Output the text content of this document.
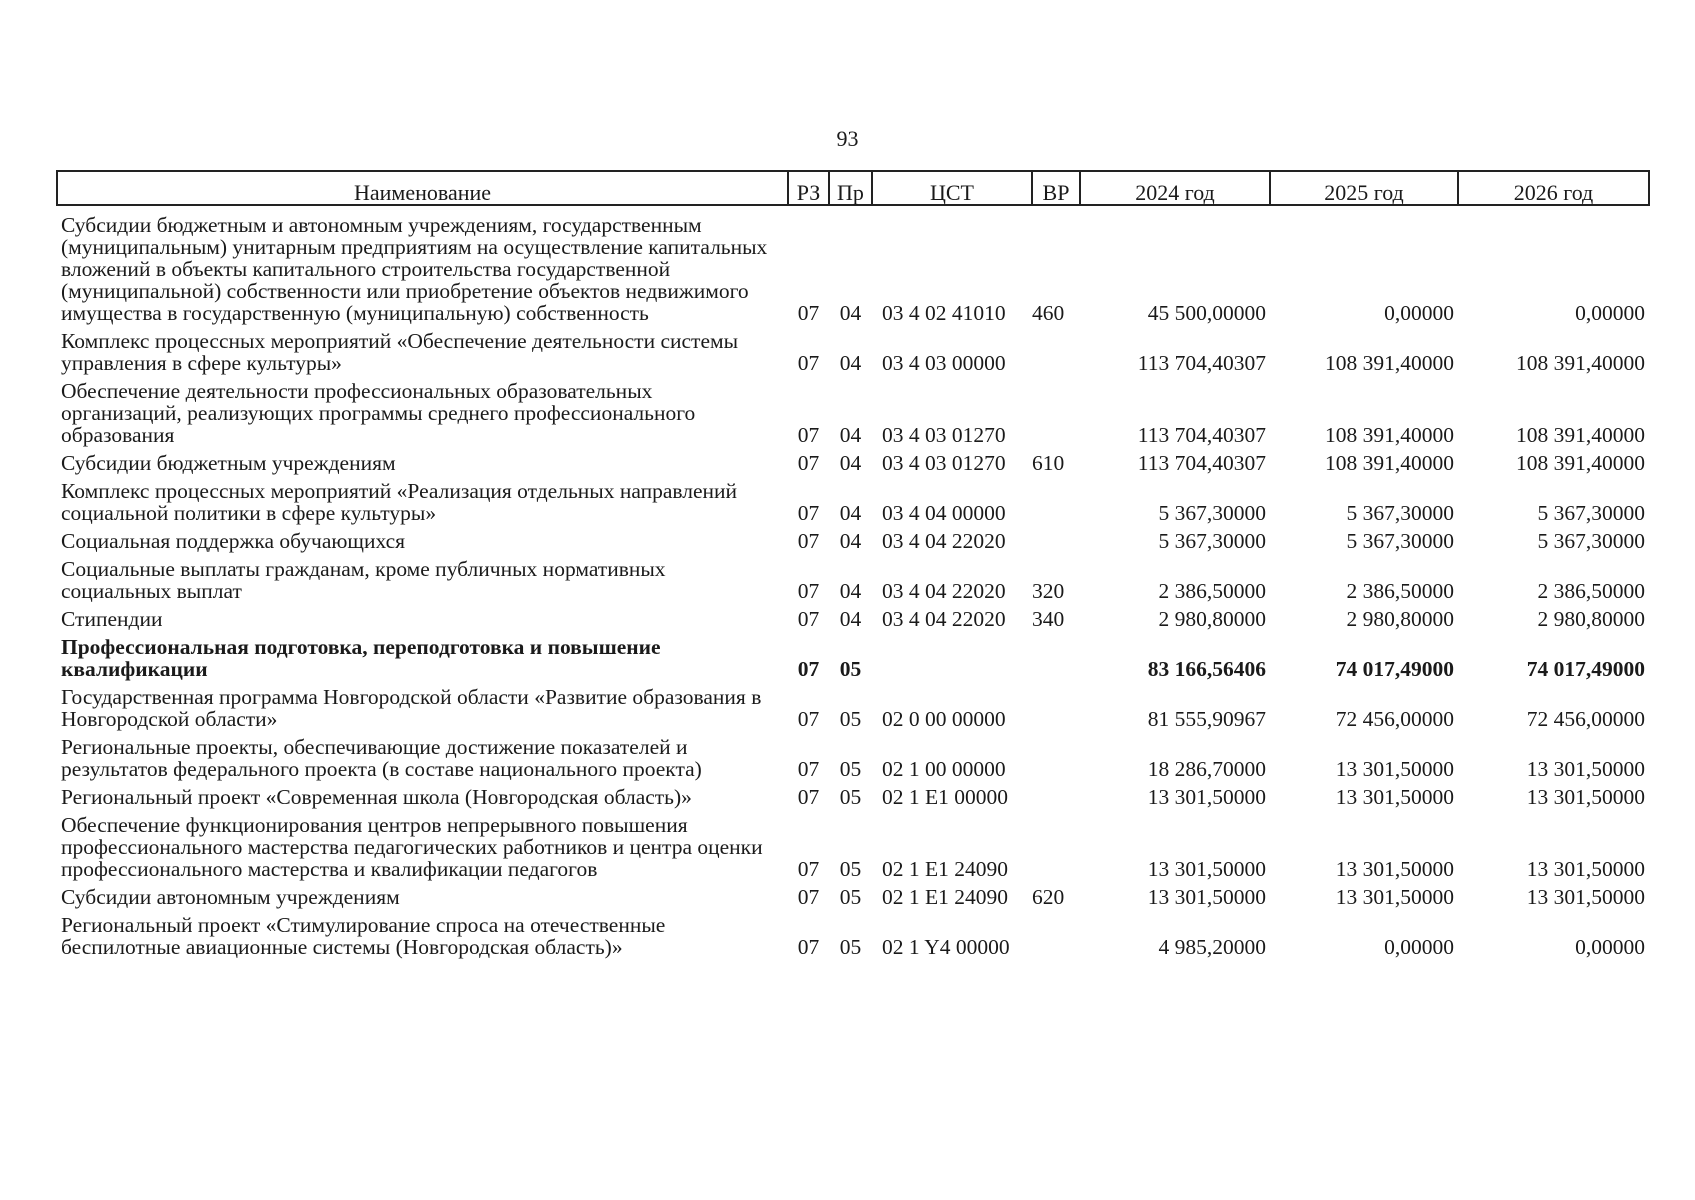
93
Наименование	РЗ	Пр	ЦСТ	ВР	2024 год	2025 год	2026 год
Субсидии бюджетным и автономным учреждениям, государственным (муниципальным) унитарным предприятиям на осуществление капитальных вложений в объекты капитального строительства государственной (муниципальной) собственности или приобретение объектов недвижимого имущества в государственную (муниципальную) собственность	07	04	03 4 02 41010	460	45 500,00000	0,00000	0,00000
Комплекс процессных мероприятий «Обеспечение деятельности системы управления в сфере культуры»	07	04	03 4 03 00000		113 704,40307	108 391,40000	108 391,40000
Обеспечение деятельности профессиональных образовательных организаций, реализующих программы среднего профессионального образования	07	04	03 4 03 01270		113 704,40307	108 391,40000	108 391,40000
Субсидии бюджетным учреждениям	07	04	03 4 03 01270	610	113 704,40307	108 391,40000	108 391,40000
Комплекс процессных мероприятий «Реализация отдельных направлений социальной политики в сфере культуры»	07	04	03 4 04 00000		5 367,30000	5 367,30000	5 367,30000
Социальная поддержка обучающихся	07	04	03 4 04 22020		5 367,30000	5 367,30000	5 367,30000
Социальные выплаты гражданам, кроме публичных нормативных социальных выплат	07	04	03 4 04 22020	320	2 386,50000	2 386,50000	2 386,50000
Стипендии	07	04	03 4 04 22020	340	2 980,80000	2 980,80000	2 980,80000
Профессиональная подготовка, переподготовка и повышение квалификации	07	05			83 166,56406	74 017,49000	74 017,49000
Государственная программа Новгородской области «Развитие образования в Новгородской области»	07	05	02 0 00 00000		81 555,90967	72 456,00000	72 456,00000
Региональные проекты, обеспечивающие достижение показателей и результатов федерального проекта (в составе национального проекта)	07	05	02 1 00 00000		18 286,70000	13 301,50000	13 301,50000
Региональный проект «Современная школа (Новгородская область)»	07	05	02 1 E1 00000		13 301,50000	13 301,50000	13 301,50000
Обеспечение функционирования центров непрерывного повышения профессионального мастерства педагогических работников и центра оценки профессионального мастерства и квалификации педагогов	07	05	02 1 E1 24090		13 301,50000	13 301,50000	13 301,50000
Субсидии автономным учреждениям	07	05	02 1 E1 24090	620	13 301,50000	13 301,50000	13 301,50000
Региональный проект «Стимулирование спроса на отечественные беспилотные авиационные системы (Новгородская область)»	07	05	02 1 Y4 00000		4 985,20000	0,00000	0,00000
